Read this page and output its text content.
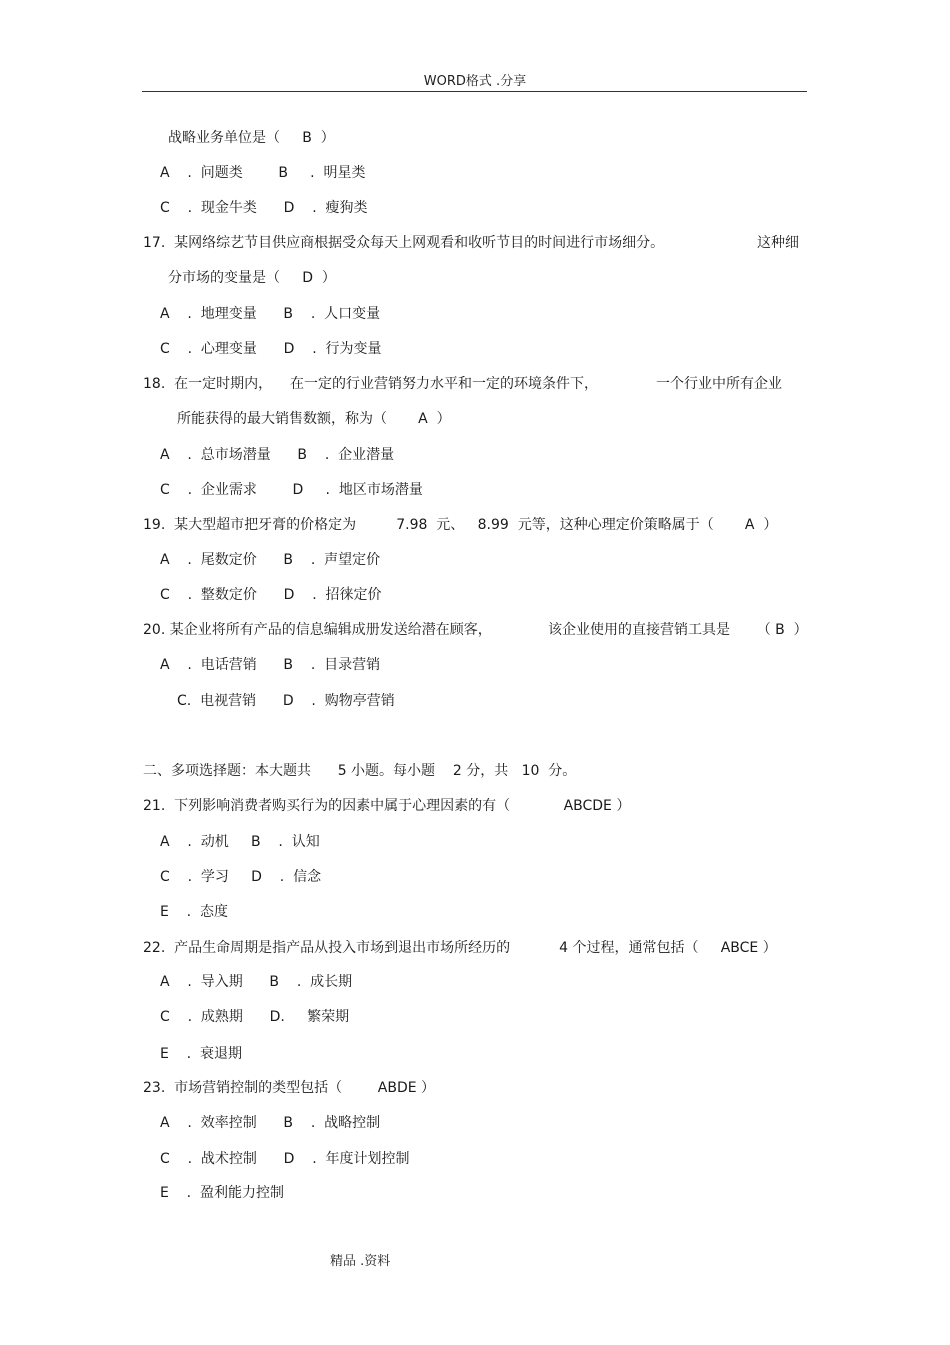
WORD格式 .分享
战略业务单位是（     B  ）
A    .  问题类        B     .  明星类
C    .  现金牛类      D    .  瘦狗类
17.  某网络综艺节目供应商根据受众每天上网观看和收听节目的时间进行市场细分。	这种细
分市场的变量是（     D  ）
A    .  地理变量      B    .  人口变量
C    .  心理变量      D    .  行为变量
18.  在一定时期内，    在一定的行业营销努力水平和一定的环境条件下，	一个行业中所有企业
所能获得的最大销售数额，称为（       A  ）
A    .  总市场潜量      B    .  企业潜量
C    .  企业需求        D     .  地区市场潜量
19.  某大型超市把牙膏的价格定为         7.98  元、   8.99  元等，这种心理定价策略属于（       A  ）
A    .  尾数定价      B    .  声望定价
C    .  整数定价      D    .  招徕定价
20. 某企业将所有产品的信息编辑成册发送给潜在顾客，	该企业使用的直接营销工具是      （ B  ）
A    .  电话营销      B    .  目录营销
C.  电视营销      D    .  购物亭营销
二、多项选择题：本大题共      5 小题。每小题    2 分，共   10  分。
21.  下列影响消费者购买行为的因素中属于心理因素的有（            ABCDE ）
A    .  动机     B    .  认知
C    .  学习     D    .  信念
E    .  态度
22.  产品生命周期是指产品从投入市场到退出市场所经历的           4 个过程，通常包括（     ABCE ）
A    .  导入期      B    .  成长期
C    .  成熟期      D.     繁荣期
E    .  衰退期
23.  市场营销控制的类型包括（        ABDE ）
A    .  效率控制      B    .  战略控制
C    .  战术控制      D    .  年度计划控制
E    .  盈利能力控制
精品 .资料
